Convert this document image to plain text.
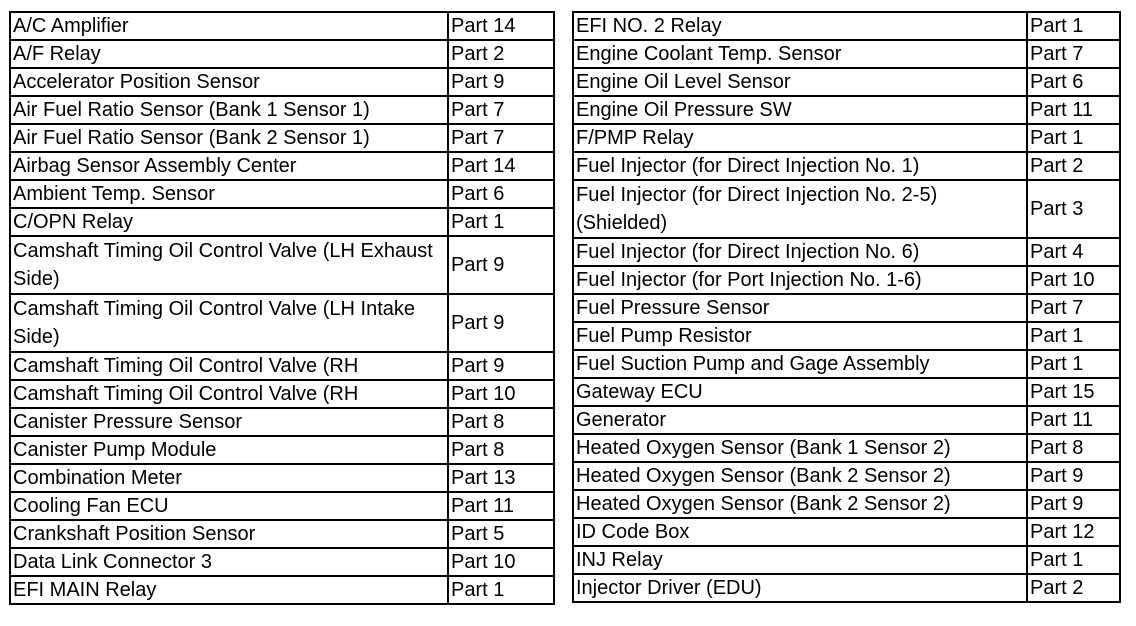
A/C Amplifier	Part 14
A/F Relay	Part 2
Accelerator Position Sensor	Part 9
Air Fuel Ratio Sensor (Bank 1 Sensor 1)	Part 7
Air Fuel Ratio Sensor (Bank 2 Sensor 1)	Part 7
Airbag Sensor Assembly Center	Part 14
Ambient Temp. Sensor	Part 6
C/OPN Relay	Part 1
Camshaft Timing Oil Control Valve (LH Exhaust Side)	Part 9
Camshaft Timing Oil Control Valve (LH Intake Side)	Part 9
Camshaft Timing Oil Control Valve (RH	Part 9
Camshaft Timing Oil Control Valve (RH	Part 10
Canister Pressure Sensor	Part 8
Canister Pump Module	Part 8
Combination Meter	Part 13
Cooling Fan ECU	Part 11
Crankshaft Position Sensor	Part 5
Data Link Connector 3	Part 10
EFI MAIN Relay	Part 1
EFI NO. 2 Relay	Part 1
Engine Coolant Temp. Sensor	Part 7
Engine Oil Level Sensor	Part 6
Engine Oil Pressure SW	Part 11
F/PMP Relay	Part 1
Fuel Injector (for Direct Injection No. 1)	Part 2
Fuel Injector (for Direct Injection No. 2-5) (Shielded)	Part 3
Fuel Injector (for Direct Injection No. 6)	Part 4
Fuel Injector (for Port Injection No. 1-6)	Part 10
Fuel Pressure Sensor	Part 7
Fuel Pump Resistor	Part 1
Fuel Suction Pump and Gage Assembly	Part 1
Gateway ECU	Part 15
Generator	Part 11
Heated Oxygen Sensor (Bank 1 Sensor 2)	Part 8
Heated Oxygen Sensor (Bank 2 Sensor 2)	Part 9
Heated Oxygen Sensor (Bank 2 Sensor 2)	Part 9
ID Code Box	Part 12
INJ Relay	Part 1
Injector Driver (EDU)	Part 2
